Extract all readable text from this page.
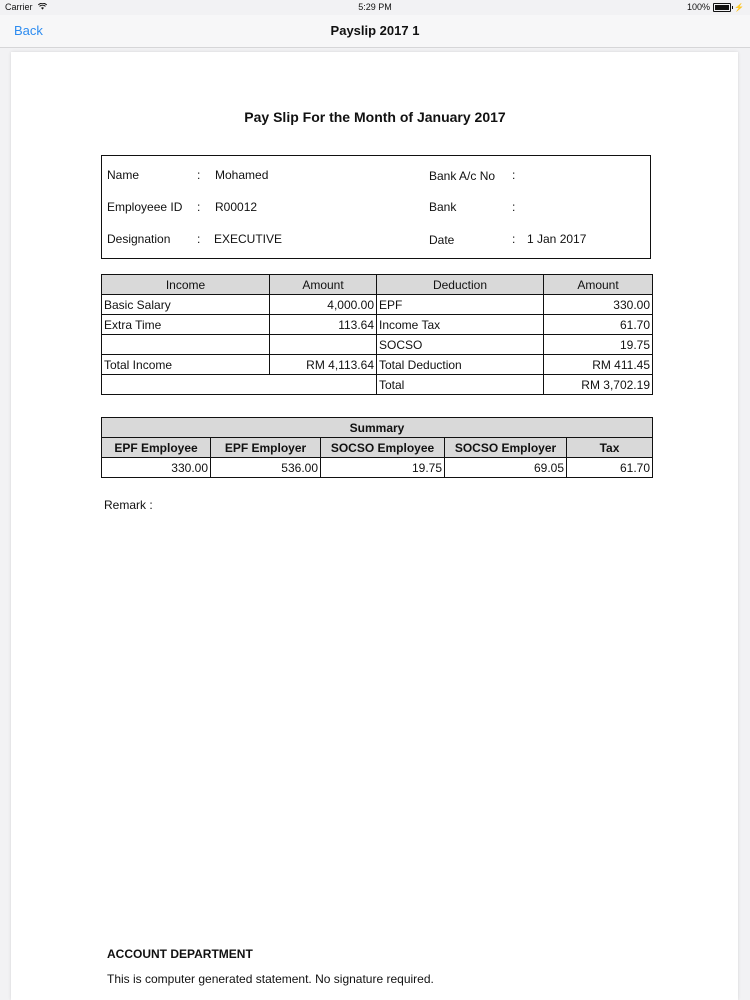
Carrier	5:29 PM	100%	⚡
Back	Payslip 2017 1
Pay Slip For the Month of January 2017
Name	: Mohamed
Employeee ID : R00012
Designation : EXECUTIVE
Bank A/c No :
Bank	:
Date	: 1 Jan 2017
Income	Amount	Deduction	Amount
Basic Salary	4,000.00	EPF	330.00
Extra Time	113.64	Income Tax	61.70
		SOCSO	19.75
Total Income	RM 4,113.64	Total Deduction	RM 411.45
		Total	RM 3,702.19
Summary				
EPF Employee	EPF Employer	SOCSO Employee	SOCSO Employer	Tax
330.00	536.00	19.75	69.05	61.70
Remark :
ACCOUNT DEPARTMENT
This is computer generated statement. No signature required.
